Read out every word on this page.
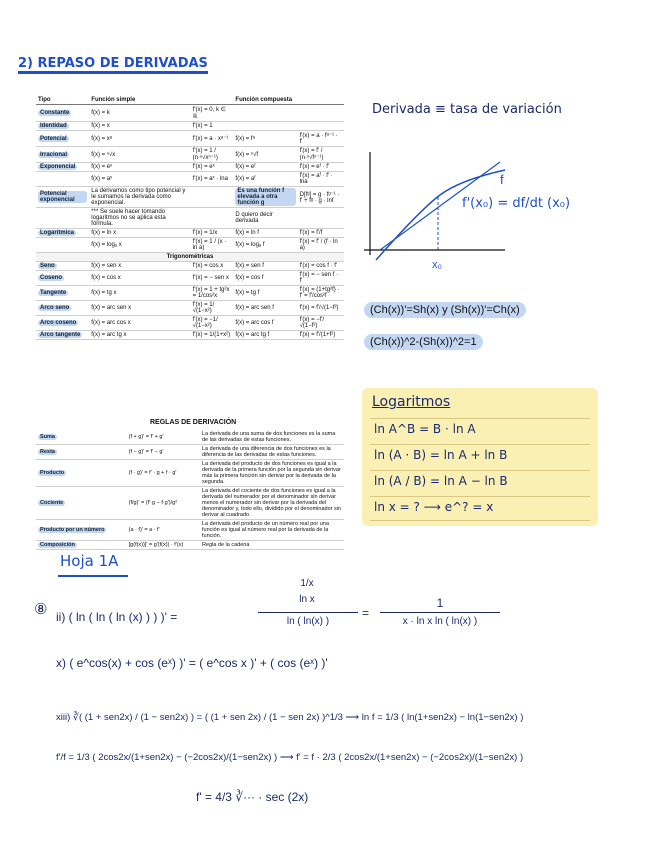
2) REPASO DE DERIVADAS
Tipo	Función simple		Función compuesta	
Constante	f(x) = k	f'(x) = 0, k ∈ ℝ		
Identidad	f(x) = x	f'(x) = 1		
Potencial	f(x) = xᵃ	f'(x) = a · xᵃ⁻¹	f(x) = fᵃ	f'(x) = a · fᵃ⁻¹ · f'
Irracional	f(x) = ⁿ√x	f'(x) = 1 / (n·ⁿ√xⁿ⁻¹)	f(x) = ⁿ√f	f'(x) = f' / (n·ⁿ√fⁿ⁻¹)
Exponencial	f(x) = eˣ	f'(x) = eˣ	f(x) = eᶠ	f'(x) = eᶠ · f'
	f(x) = aˣ	f'(x) = aˣ · lna	f(x) = aᶠ	f'(x) = aᶠ · f' · lna
Potencial exponencial	La derivamos como tipo potencial y le sumamos la derivada como exponencial.		Es una función f elevada a otra función g	D[fᵍ] = g · fᵍ⁻¹ · f' + fᵍ · g · lnf
	*** Se suele hacer tomando logaritmos no se aplica esta fórmula.		D quiero decir derivada	
Logarítmica	f(x) = ln x	f'(x) = 1/x	f(x) = ln f	f'(x) = f'/f
	f(x) = logₐ x	f'(x) = 1 / (x · ln a)	f(x) = logₐ f	f'(x) = f' / (f · ln a)
Trigonométricas				
Seno	f(x) = sen x	f'(x) = cos x	f(x) = sen f	f'(x) = cos f · f'
Coseno	f(x) = cos x	f'(x) = − sen x	f(x) = cos f	f'(x) = − sen f · f'
Tangente	f(x) = tg x	f'(x) = 1 + tg²x = 1/cos²x	f(x) = tg f	f'(x) = (1+tg²f) · f' = f'/cos²f
Arco seno	f(x) = arc sen x	f'(x) = 1/√(1−x²)	f(x) = arc sen f	f'(x) = f'/√(1−f²)
Arco coseno	f(x) = arc cos x	f'(x) = −1/√(1−x²)	f(x) = arc cos f	f'(x) = −f'/√(1−f²)
Arco tangente	f(x) = arc tg x	f'(x) = 1/(1+x²)	f(x) = arc tg f	f'(x) = f'/(1+f²)
REGLAS DE DERIVACIÓN
Suma	(f + g)' = f' + g'	La derivada de una suma de dos funciones es la suma de las derivadas de estas funciones.
Resta	(f − g)' = f' − g'	La derivada de una diferencia de dos funciones es la diferencia de las derivadas de estas funciones.
Producto	(f · g)' = f' · g + f · g'	La derivada del producto de dos funciones es igual a la derivada de la primera función por la segunda sin derivar más la primera función sin derivar por la derivada de la segunda.
Cociente	(f/g)' = (f'·g − f·g')/g²	La derivada del cociente de dos funciones es igual a la derivada del numerador por el denominador sin derivar menos el numerador sin derivar por la derivada del denominador y, todo ello, dividido por el denominador sin derivar al cuadrado.
Producto por un número	(a · f)' = a · f'	La derivada del producto de un número real por una función es igual al número real por la derivada de la función.
Composición	[g(f(x))]' = g'(f(x)) · f'(x)	Regla de la cadena
Derivada ≡ tasa de variación
f
x₀
f'(x₀) = df/dt (x₀)
(Ch(x))'=Sh(x) y (Sh(x))'=Ch(x)
(Ch(x))^2-(Sh(x))^2=1
Logaritmos
ln A^B = B · ln A
ln (A · B) = ln A + ln B
ln (A / B) = ln A − ln B
ln x = ? ⟶ e^? = x
Hoja 1A
⑧ ii) ( ln ( ln ( ln (x) ) ) )' =
1/x
ln x
ln ( ln(x) )
=
1
x · ln x ln ( ln(x) )
x) ( e^cos(x) + cos (eˣ) )' = ( e^cos x )' + ( cos (eˣ) )'
xiii) ∛( (1 + sen2x) / (1 − sen2x) ) = ( (1 + sen 2x) / (1 − sen 2x) )^1/3 ⟶ ln f = 1/3 ( ln(1+sen2x) − ln(1−sen2x) )
f'/f = 1/3 ( 2cos2x/(1+sen2x) − (−2cos2x)/(1−sen2x) ) ⟶ f' = f · 2/3 ( 2cos2x/(1+sen2x) − (−2cos2x)/(1−sen2x) )
f' = 4/3 ∛··· · sec (2x)
